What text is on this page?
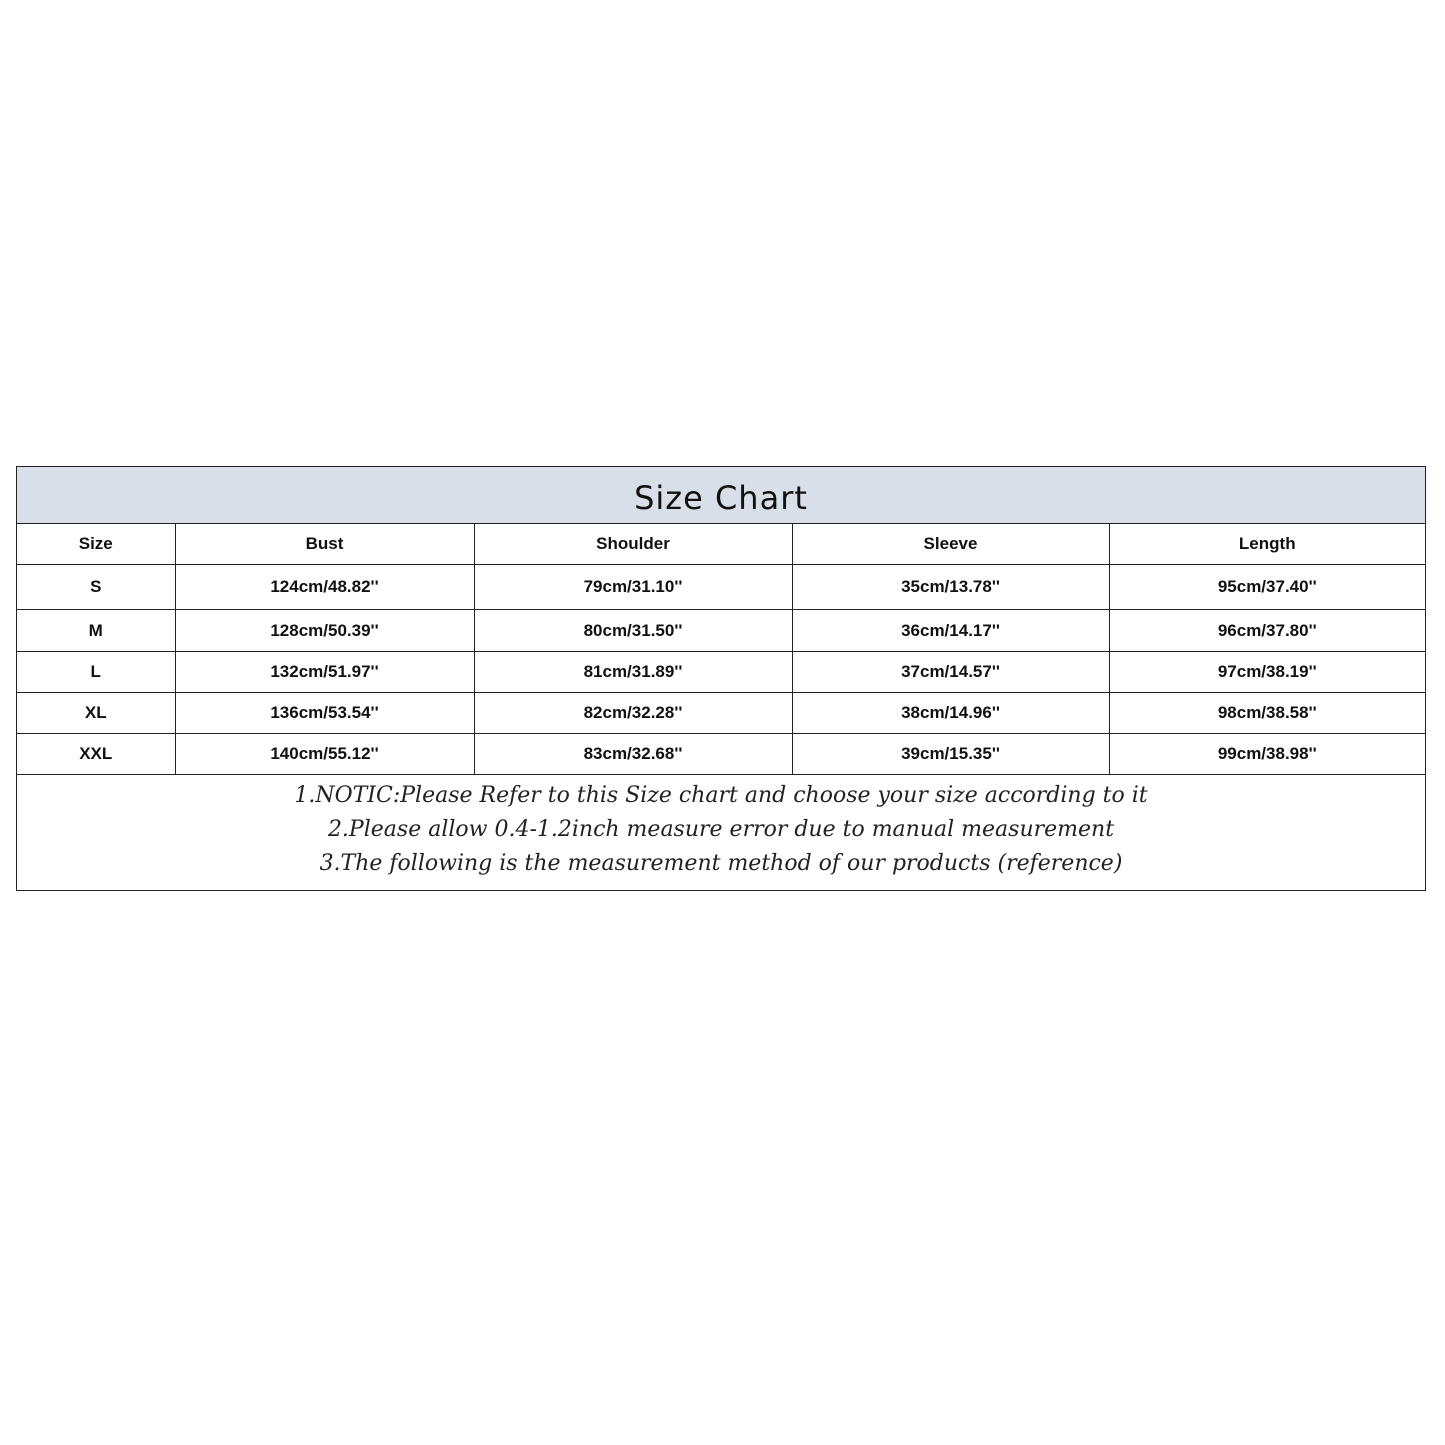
Size Chart
Size	Bust	Shoulder	Sleeve	Length
S	124cm/48.82''	79cm/31.10''	35cm/13.78''	95cm/37.40''
M	128cm/50.39''	80cm/31.50''	36cm/14.17''	96cm/37.80''
L	132cm/51.97''	81cm/31.89''	37cm/14.57''	97cm/38.19''
XL	136cm/53.54''	82cm/32.28''	38cm/14.96''	98cm/38.58''
XXL	140cm/55.12''	83cm/32.68''	39cm/15.35''	99cm/38.98''
1.NOTIC:Please Refer to this Size chart and choose your size according to it
2.Please allow 0.4-1.2inch measure error due to manual measurement
3.The following is the measurement method of our products (reference)
